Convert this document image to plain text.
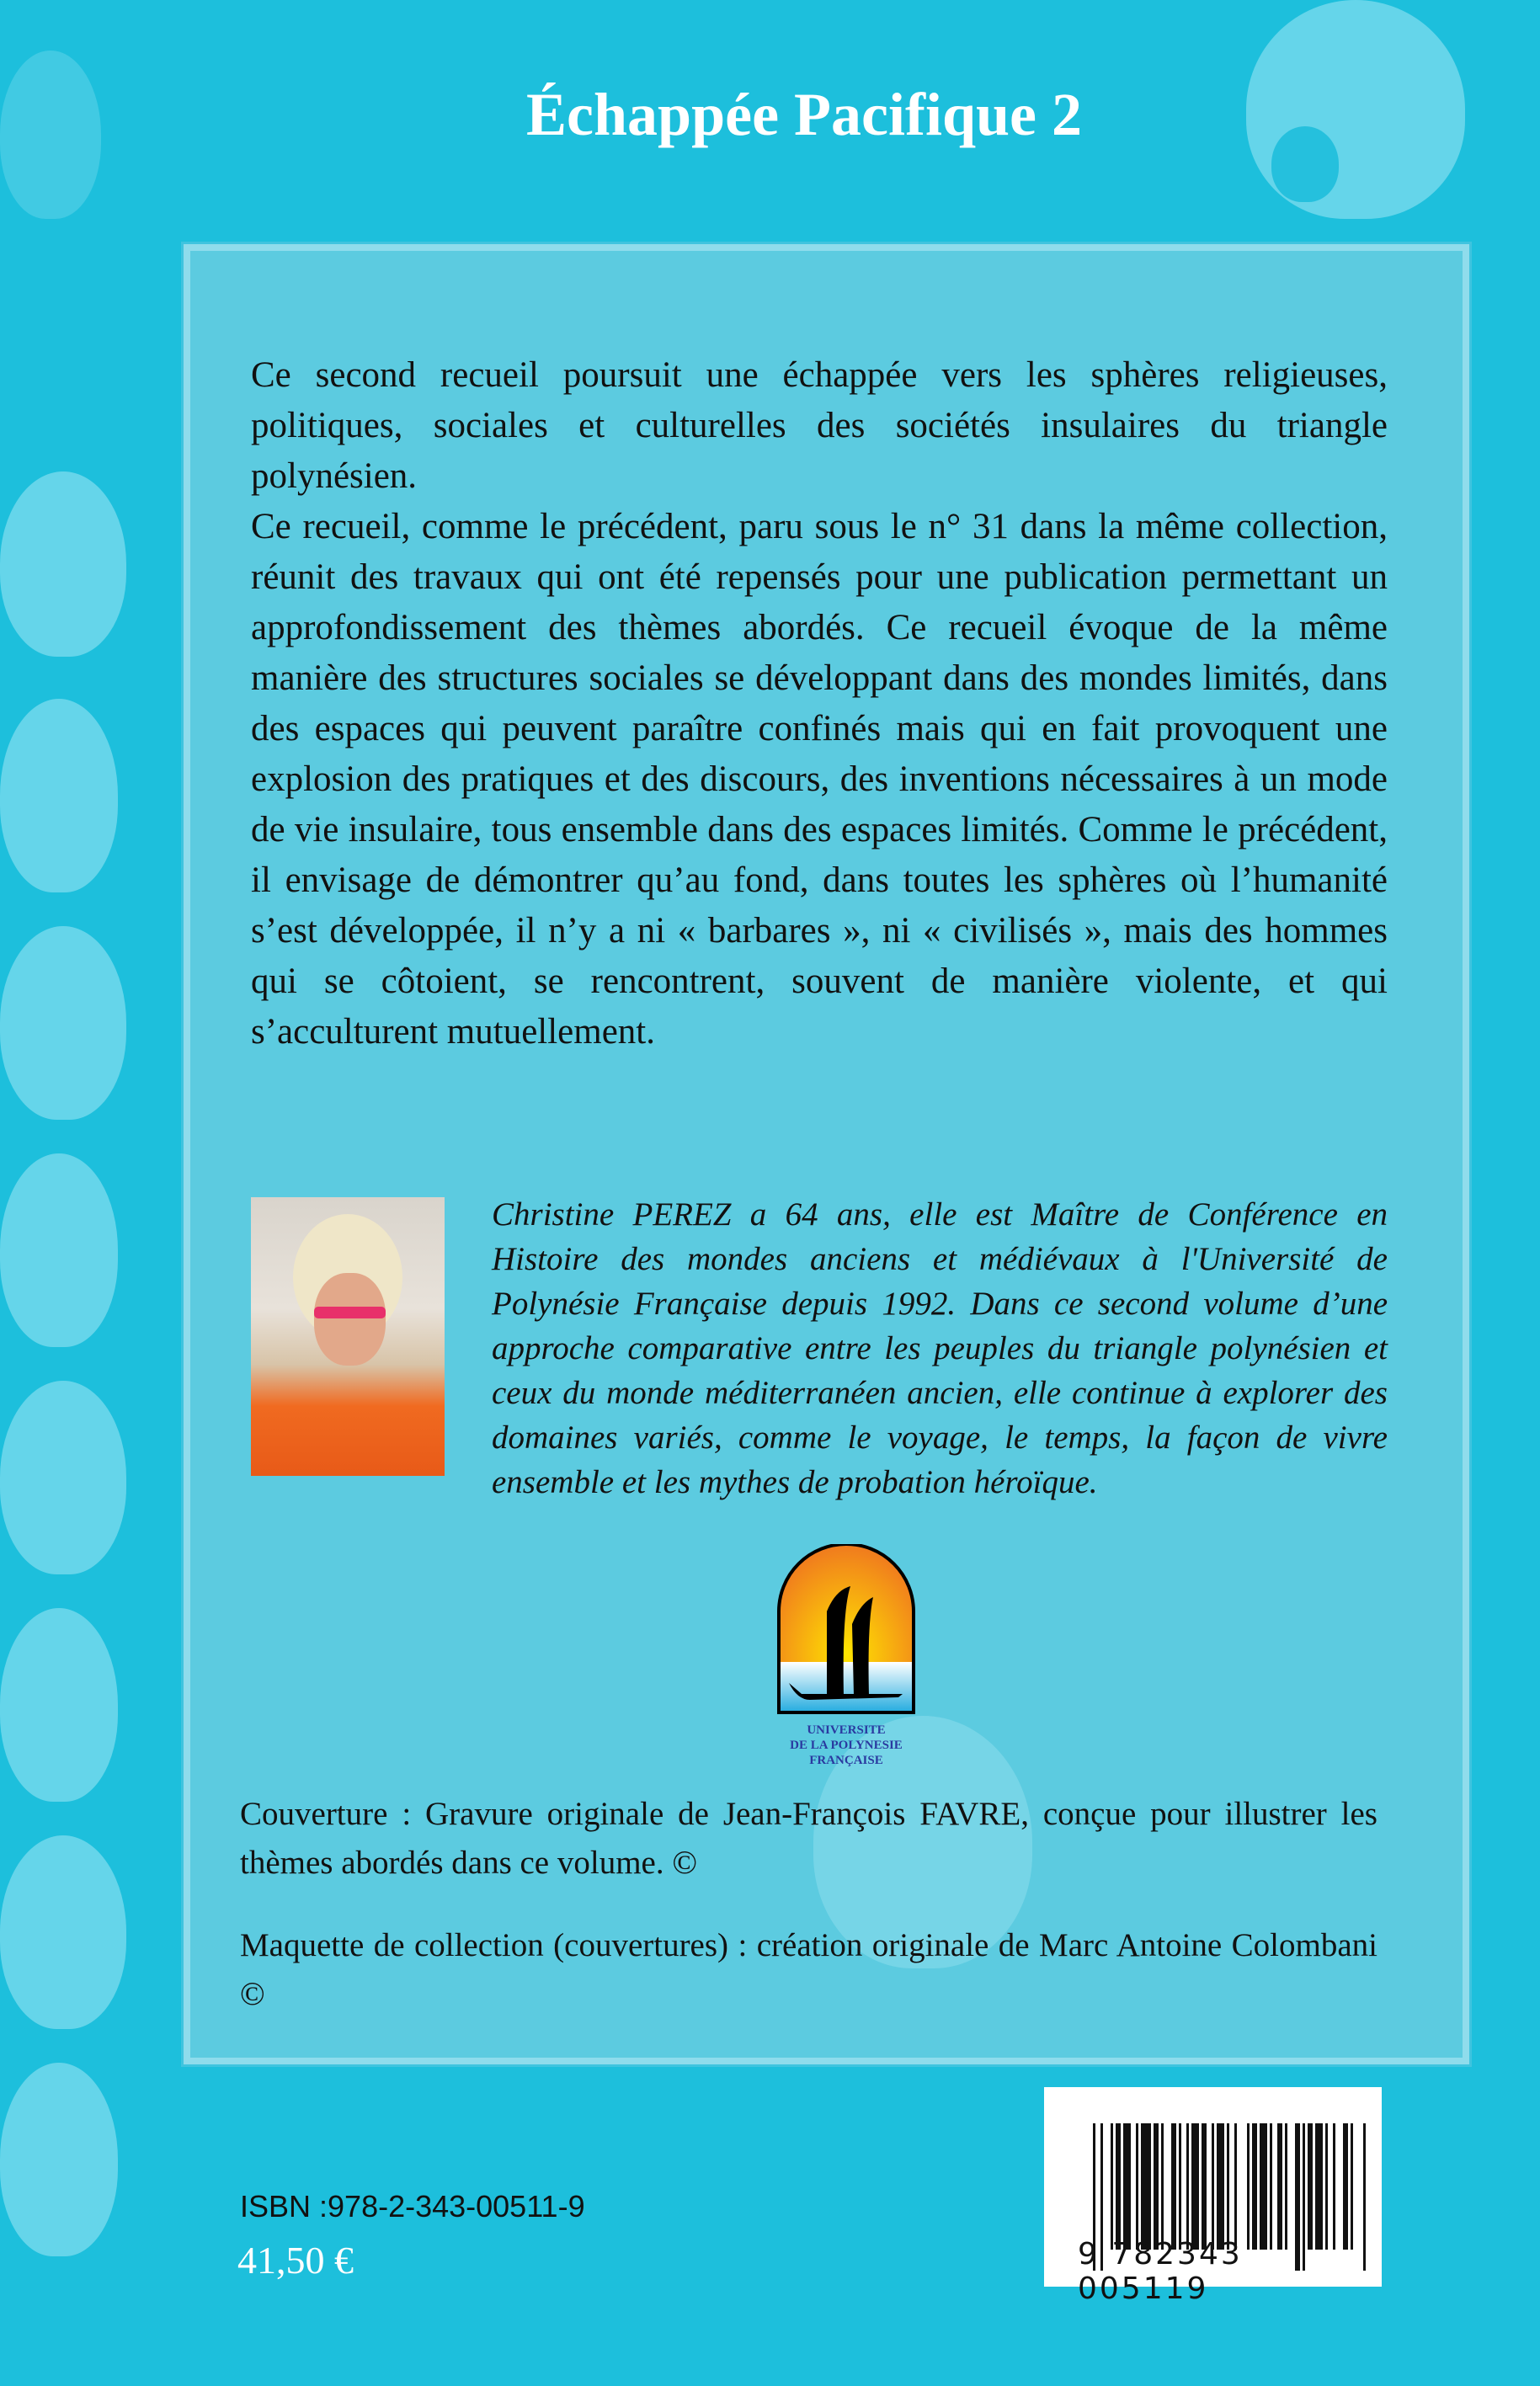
Échappée Pacifique 2

Ce second recueil poursuit une échappée vers les sphères religieuses, politiques, sociales et culturelles des sociétés insulaires du triangle polynésien.

Ce recueil, comme le précédent, paru sous le n° 31 dans la même collection, réunit des travaux qui ont été repensés pour une publication permettant un approfondissement des thèmes abordés. Ce recueil évoque de la même manière des structures sociales se développant dans des mondes limités, dans des espaces qui peuvent paraître confinés mais qui en fait provoquent une explosion des pratiques et des discours, des inventions nécessaires à un mode de vie insulaire, tous ensemble dans des espaces limités. Comme le précédent, il envisage de démontrer qu’au fond, dans toutes les sphères où l’humanité s’est développée, il n’y a ni « barbares », ni « civilisés », mais des hommes qui se côtoient, se rencontrent, souvent de manière violente, et qui s’acculturent mutuellement.

Christine PEREZ a 64 ans, elle est Maître de Conférence en Histoire des mondes anciens et médiévaux à l'Université de Polynésie Française depuis 1992. Dans ce second volume d’une approche comparative entre les peuples du triangle polynésien et ceux du monde méditerranéen ancien, elle continue à explorer des domaines variés, comme le voyage, le temps, la façon de vivre ensemble et les mythes de probation héroïque.
UNIVERSITE
DE LA POLYNESIE
FRANÇAISE
Couverture : Gravure originale de Jean-François FAVRE, conçue pour illustrer les thèmes abordés dans ce volume. ©
Maquette de collection (couvertures) : création originale de Marc Antoine Colombani ©
9 782343 005119
ISBN :978-2-343-00511-9
41,50 €
